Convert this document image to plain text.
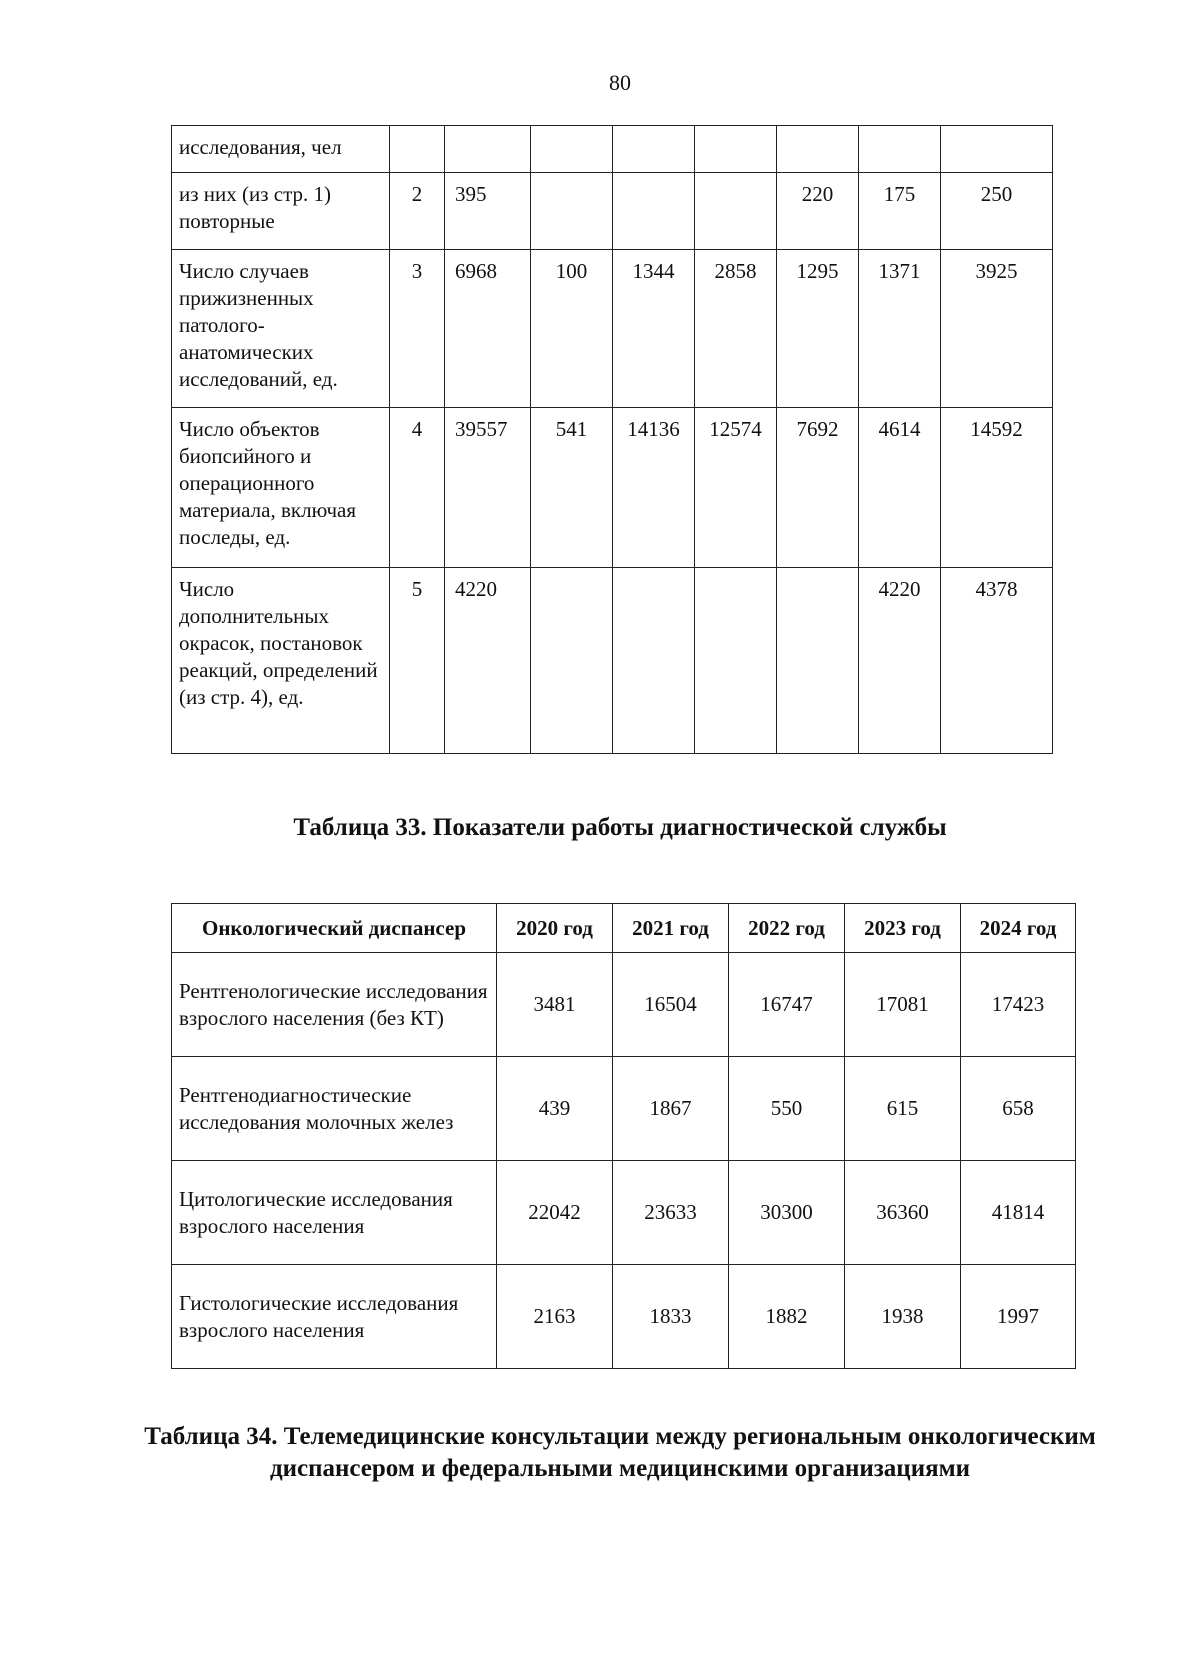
80
исследования, чел								
из них (из стр. 1) повторные	2	395				220	175	250
Число случаев прижизненных патолого-анатомических исследований, ед.	3	6968	100	1344	2858	1295	1371	3925
Число объектов биопсийного и операционного материала, включая последы, ед.	4	39557	541	14136	12574	7692	4614	14592
Число дополнительных окрасок, постановок реакций, определений (из стр. 4), ед.	5	4220					4220	4378
Таблица 33. Показатели работы диагностической службы
Онкологический диспансер	2020 год	2021 год	2022 год	2023 год	2024 год
Рентгенологические исследования взрослого населения (без КТ)	3481	16504	16747	17081	17423
Рентгенодиагностические исследования молочных желез	439	1867	550	615	658
Цитологические исследования взрослого населения	22042	23633	30300	36360	41814
Гистологические исследования взрослого населения	2163	1833	1882	1938	1997
Таблица 34. Телемедицинские консультации между региональным онкологическим диспансером и федеральными медицинскими организациями
